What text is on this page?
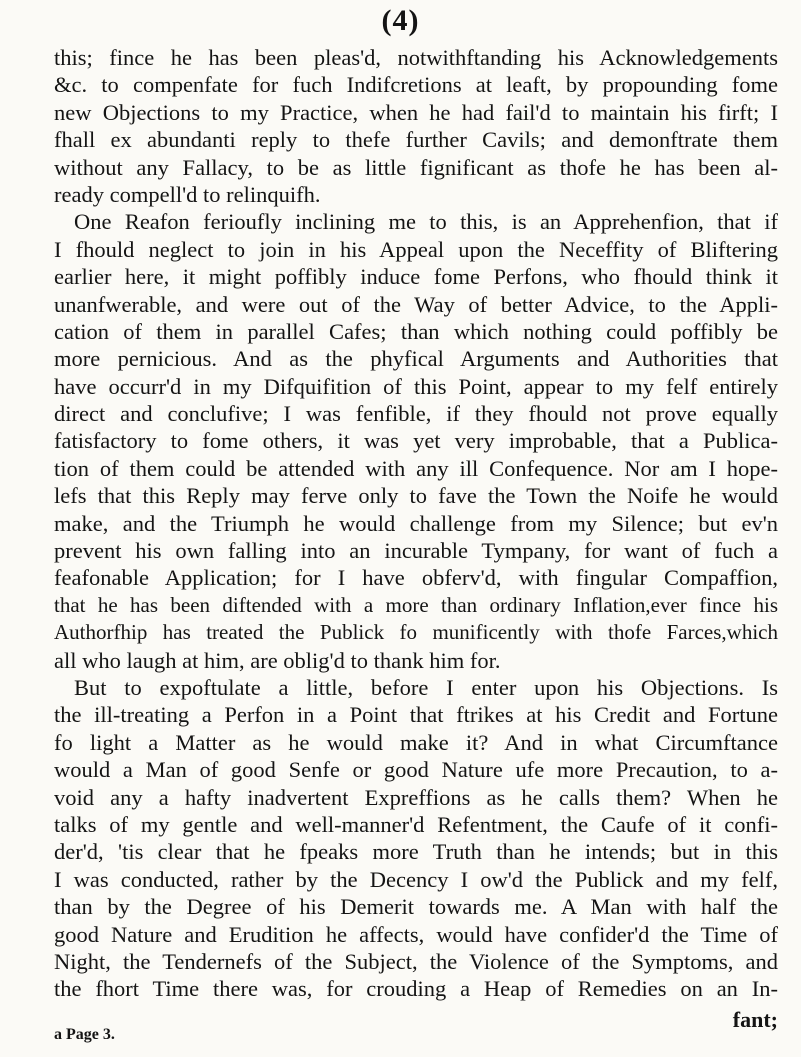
(4)
this; fince he has been pleas'd, notwithftanding his Acknowledgements
&c. to compenfate for fuch Indifcretions at leaft, by propounding fome
new Objections to my Practice, when he had fail'd to maintain his firft; I
fhall ex abundanti reply to thefe further Cavils; and demonftrate them
without any Fallacy, to be as little fignificant as thofe he has been al-
ready compell'd to relinquifh.
One Reafon ferioufly inclining me to this, is an Apprehenfion, that if
I fhould neglect to join in his Appeal upon the Neceffity of Bliftering
earlier here, it might poffibly induce fome Perfons, who fhould think it
unanfwerable, and were out of the Way of better Advice, to the Appli-
cation of them in parallel Cafes; than which nothing could poffibly be
more pernicious. And as the phyfical Arguments and Authorities that
have occurr'd in my Difquifition of this Point, appear to my felf entirely
direct and conclufive; I was fenfible, if they fhould not prove equally
fatisfactory to fome others, it was yet very improbable, that a Publica-
tion of them could be attended with any ill Confequence. Nor am I hope-
lefs that this Reply may ferve only to fave the Town the Noife he would
make, and the Triumph he would challenge from my Silence; but ev'n
prevent his own falling into an incurable Tympany, for want of fuch a
feafonable Application; for I have obferv'd, with fingular Compaffion,
that he has been diftended with a more than ordinary Inflation,ever fince his
Authorfhip has treated the Publick fo munificently with thofe Farces,which
all who laugh at him, are oblig'd to thank him for.
But to expoftulate a little, before I enter upon his Objections. Is
the ill-treating a Perfon in a Point that ftrikes at his Credit and Fortune
fo light a Matter as he would make it? And in what Circumftance
would a Man of good Senfe or good Nature ufe more Precaution, to a-
void any a hafty inadvertent Expreffions as he calls them? When he
talks of my gentle and well-manner'd Refentment, the Caufe of it confi-
der'd, 'tis clear that he fpeaks more Truth than he intends; but in this
I was conducted, rather by the Decency I ow'd the Publick and my felf,
than by the Degree of his Demerit towards me. A Man with half the
good Nature and Erudition he affects, would have confider'd the Time of
Night, the Tendernefs of the Subject, the Violence of the Symptoms, and
the fhort Time there was, for crouding a Heap of Remedies on an In-
a Page 3.
fant;
